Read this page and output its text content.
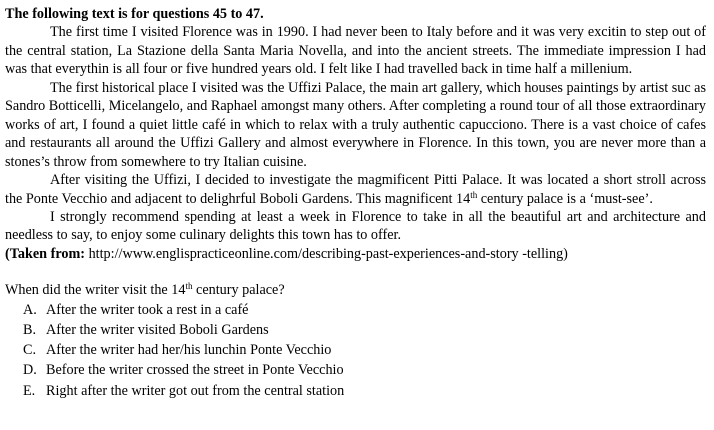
The following text is for questions 45 to 47.

The first time I visited Florence was in 1990. I had never been to Italy before and it was very excitin to step out of the central station, La Stazione della Santa Maria Novella, and into the ancient streets. The immediate impression I had was that everythin is all four or five hundred years old. I felt like I had travelled back in time half a millenium.

The first historical place I visited was the Uffizi Palace, the main art gallery, which houses paintings by artist suc as Sandro Botticelli, Micelangelo, and Raphael amongst many others. After completing a round tour of all those extraordinary works of art, I found a quiet little café in which to relax with a truly authentic capucciono. There is a vast choice of cafes and restaurants all around the Uffizi Gallery and almost everywhere in Florence. In this town, you are never more than a stones’s throw from somewhere to try Italian cuisine.

After visiting the Uffizi, I decided to investigate the magmificent Pitti Palace. It was located a short stroll across the Ponte Vecchio and adjacent to delighrful Boboli Gardens. This magnificent 14th century palace is a ‘must-see’.

I strongly recommend spending at least a week in Florence to take in all the beautiful art and architecture and needless to say, to enjoy some culinary delights this town has to offer.

(Taken from: http://www.englispracticeonline.com/describing-past-experiences-and-story -telling)

When did the writer visit the 14th century palace?

A. After the writer took a rest in a café
B. After the writer visited Boboli Gardens
C. After the writer had her/his lunchin Ponte Vecchio
D. Before the writer crossed the street in Ponte Vecchio
E. Right after the writer got out from the central station
